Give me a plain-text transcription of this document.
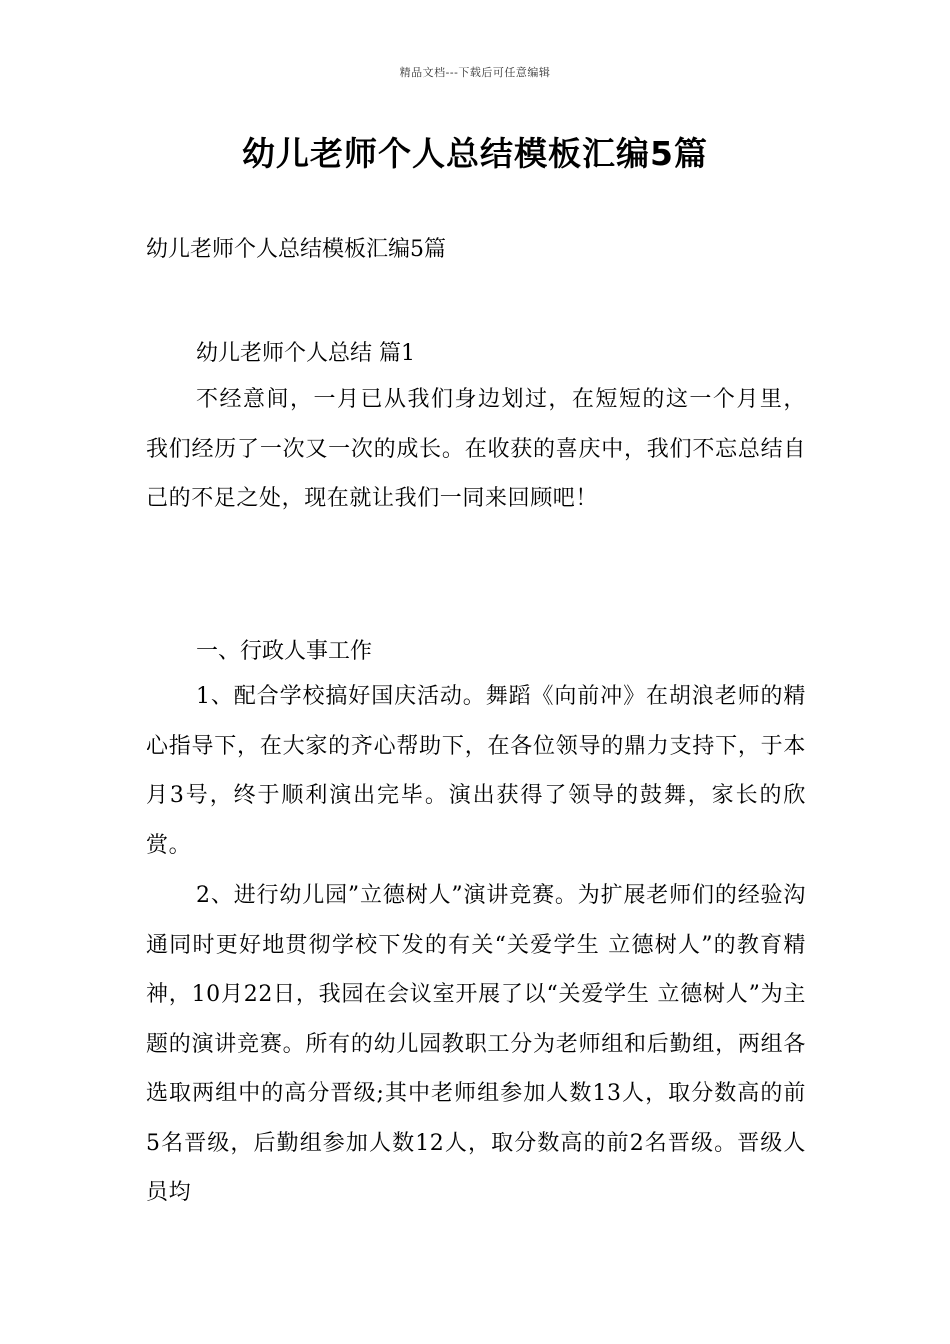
精品文档---下载后可任意编辑
幼儿老师个人总结模板汇编5篇

幼儿老师个人总结模板汇编5篇

幼儿老师个人总结 篇1

不经意间，一月已从我们身边划过，在短短的这一个月里，我们经历了一次又一次的成长。在收获的喜庆中，我们不忘总结自己的不足之处，现在就让我们一同来回顾吧！

一、行政人事工作

1、配合学校搞好国庆活动。舞蹈《向前冲》在胡浪老师的精心指导下，在大家的齐心帮助下，在各位领导的鼎力支持下，于本月3号，终于顺利演出完毕。演出获得了领导的鼓舞，家长的欣赏。

2、进行幼儿园”立德树人”演讲竞赛。为扩展老师们的经验沟通同时更好地贯彻学校下发的有关“关爱学生 立德树人”的教育精神，10月22日，我园在会议室开展了以“关爱学生 立德树人”为主题的演讲竞赛。所有的幼儿园教职工分为老师组和后勤组，两组各选取两组中的高分晋级;其中老师组参加人数13人，取分数高的前5名晋级，后勤组参加人数12人，取分数高的前2名晋级。晋级人员均
